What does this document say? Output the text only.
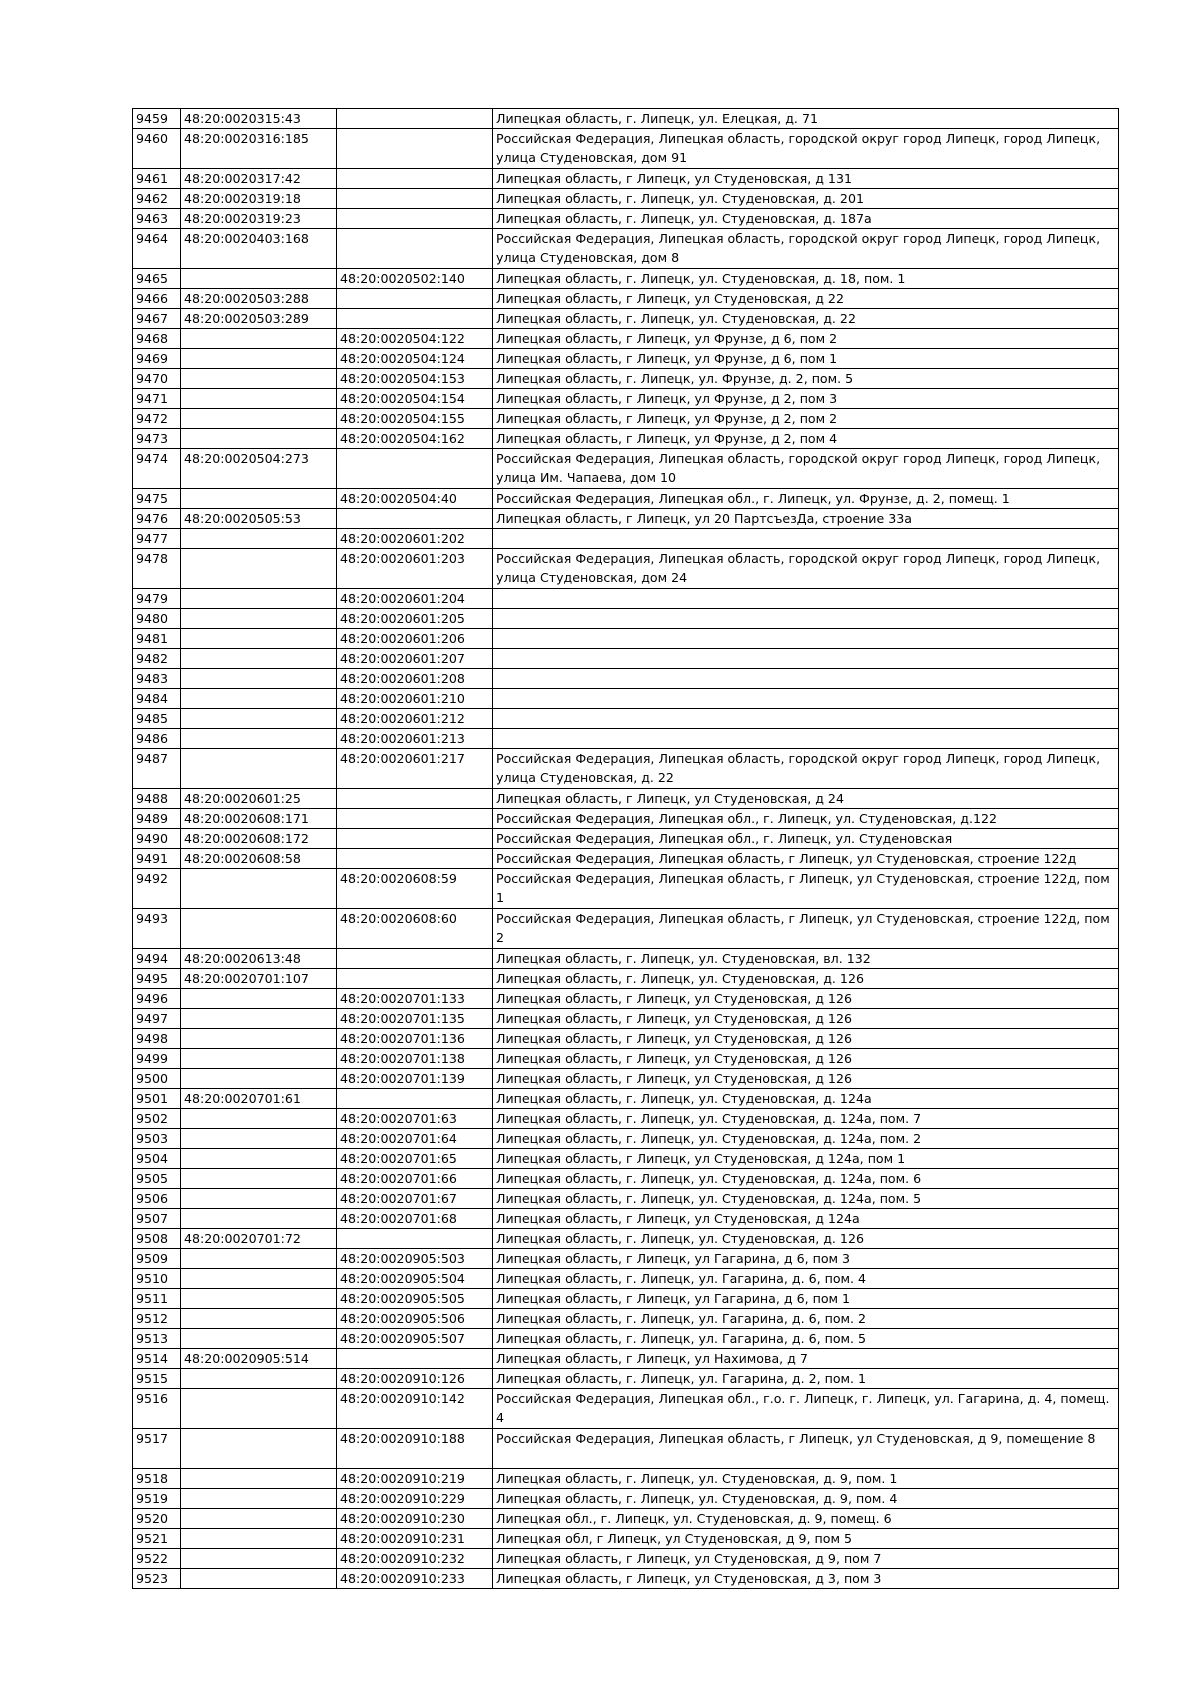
9459	48:20:0020315:43		Липецкая область, г. Липецк, ул. Елецкая, д. 71
9460	48:20:0020316:185		Российская Федерация, Липецкая область, городской округ город Липецк, город Липецк, улица Студеновская, дом 91
9461	48:20:0020317:42		Липецкая область, г Липецк, ул Студеновская, д 131
9462	48:20:0020319:18		Липецкая область, г. Липецк, ул. Студеновская, д. 201
9463	48:20:0020319:23		Липецкая область, г. Липецк, ул. Студеновская, д. 187а
9464	48:20:0020403:168		Российская Федерация, Липецкая область, городской округ город Липецк, город Липецк, улица Студеновская, дом 8
9465		48:20:0020502:140	Липецкая область, г. Липецк, ул. Студеновская, д. 18, пом. 1
9466	48:20:0020503:288		Липецкая область, г Липецк, ул Студеновская, д 22
9467	48:20:0020503:289		Липецкая область, г. Липецк, ул. Студеновская, д. 22
9468		48:20:0020504:122	Липецкая область, г Липецк, ул Фрунзе, д 6, пом 2
9469		48:20:0020504:124	Липецкая область, г Липецк, ул Фрунзе, д 6, пом 1
9470		48:20:0020504:153	Липецкая область, г. Липецк, ул. Фрунзе, д. 2, пом. 5
9471		48:20:0020504:154	Липецкая область, г Липецк, ул Фрунзе, д 2, пом 3
9472		48:20:0020504:155	Липецкая область, г Липецк, ул Фрунзе, д 2, пом 2
9473		48:20:0020504:162	Липецкая область, г Липецк, ул Фрунзе, д 2, пом 4
9474	48:20:0020504:273		Российская Федерация, Липецкая область, городской округ город Липецк, город Липецк, улица Им. Чапаева, дом 10
9475		48:20:0020504:40	Российская Федерация, Липецкая обл., г. Липецк, ул. Фрунзе, д. 2, помещ. 1
9476	48:20:0020505:53		Липецкая область, г Липецк, ул 20 ПартсъезДа, строение 33а
9477		48:20:0020601:202	
9478		48:20:0020601:203	Российская Федерация, Липецкая область, городской округ город Липецк, город Липецк, улица Студеновская, дом 24
9479		48:20:0020601:204	
9480		48:20:0020601:205	
9481		48:20:0020601:206	
9482		48:20:0020601:207	
9483		48:20:0020601:208	
9484		48:20:0020601:210	
9485		48:20:0020601:212	
9486		48:20:0020601:213	
9487		48:20:0020601:217	Российская Федерация, Липецкая область, городской округ город Липецк, город Липецк, улица Студеновская, д. 22
9488	48:20:0020601:25		Липецкая область, г Липецк, ул Студеновская, д 24
9489	48:20:0020608:171		Российская Федерация, Липецкая обл., г. Липецк, ул. Студеновская, д.122
9490	48:20:0020608:172		Российская Федерация, Липецкая обл., г. Липецк, ул. Студеновская
9491	48:20:0020608:58		Российская Федерация, Липецкая область, г Липецк, ул Студеновская, строение 122д
9492		48:20:0020608:59	Российская Федерация, Липецкая область, г Липецк, ул Студеновская, строение 122д, пом 1
9493		48:20:0020608:60	Российская Федерация, Липецкая область, г Липецк, ул Студеновская, строение 122д, пом 2
9494	48:20:0020613:48		Липецкая область, г. Липецк, ул. Студеновская, вл. 132
9495	48:20:0020701:107		Липецкая область, г. Липецк, ул. Студеновская, д. 126
9496		48:20:0020701:133	Липецкая область, г Липецк, ул Студеновская, д 126
9497		48:20:0020701:135	Липецкая область, г Липецк, ул Студеновская, д 126
9498		48:20:0020701:136	Липецкая область, г Липецк, ул Студеновская, д 126
9499		48:20:0020701:138	Липецкая область, г Липецк, ул Студеновская, д 126
9500		48:20:0020701:139	Липецкая область, г Липецк, ул Студеновская, д 126
9501	48:20:0020701:61		Липецкая область, г. Липецк, ул. Студеновская, д. 124а
9502		48:20:0020701:63	Липецкая область, г. Липецк, ул. Студеновская, д. 124а, пом. 7
9503		48:20:0020701:64	Липецкая область, г. Липецк, ул. Студеновская, д. 124а, пом. 2
9504		48:20:0020701:65	Липецкая область, г Липецк, ул Студеновская, д 124а, пом 1
9505		48:20:0020701:66	Липецкая область, г. Липецк, ул. Студеновская, д. 124а, пом. 6
9506		48:20:0020701:67	Липецкая область, г. Липецк, ул. Студеновская, д. 124а, пом. 5
9507		48:20:0020701:68	Липецкая область, г Липецк, ул Студеновская, д 124а
9508	48:20:0020701:72		Липецкая область, г. Липецк, ул. Студеновская, д. 126
9509		48:20:0020905:503	Липецкая область, г Липецк, ул Гагарина, д 6, пом 3
9510		48:20:0020905:504	Липецкая область, г. Липецк, ул. Гагарина, д. 6, пом. 4
9511		48:20:0020905:505	Липецкая область, г Липецк, ул Гагарина, д 6, пом 1
9512		48:20:0020905:506	Липецкая область, г. Липецк, ул. Гагарина, д. 6, пом. 2
9513		48:20:0020905:507	Липецкая область, г. Липецк, ул. Гагарина, д. 6, пом. 5
9514	48:20:0020905:514		Липецкая область, г Липецк, ул Нахимова, д 7
9515		48:20:0020910:126	Липецкая область, г. Липецк, ул. Гагарина, д. 2, пом. 1
9516		48:20:0020910:142	Российская Федерация, Липецкая обл., г.о. г. Липецк, г. Липецк, ул. Гагарина, д. 4, помещ. 4
9517		48:20:0020910:188	Российская Федерация, Липецкая область, г Липецк, ул Студеновская, д 9, помещение 8
9518		48:20:0020910:219	Липецкая область, г. Липецк, ул. Студеновская, д. 9, пом. 1
9519		48:20:0020910:229	Липецкая область, г. Липецк, ул. Студеновская, д. 9, пом. 4
9520		48:20:0020910:230	Липецкая обл., г. Липецк, ул. Студеновская, д. 9, помещ. 6
9521		48:20:0020910:231	Липецкая обл, г Липецк, ул Студеновская, д 9, пом 5
9522		48:20:0020910:232	Липецкая область, г Липецк, ул Студеновская, д 9, пом 7
9523		48:20:0020910:233	Липецкая область, г Липецк, ул Студеновская, д 3, пом 3
